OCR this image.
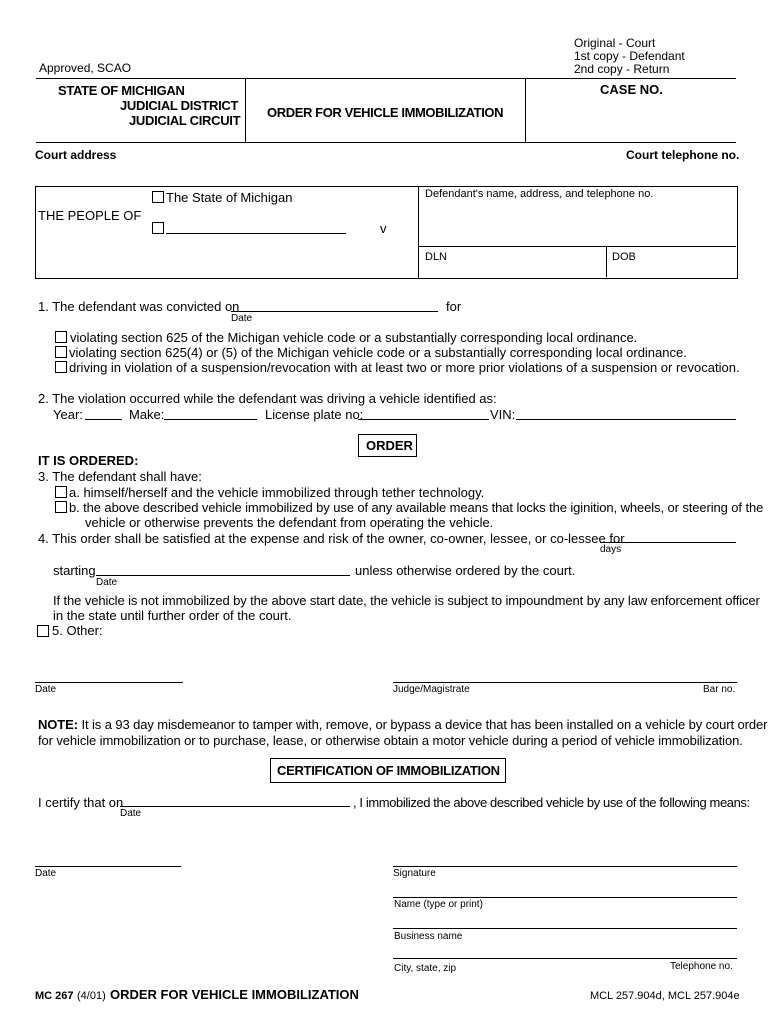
Approved, SCAO
Original - Court
1st copy - Defendant
2nd copy - Return
STATE OF MICHIGAN
JUDICIAL DISTRICT
JUDICIAL CIRCUIT
ORDER FOR VEHICLE IMMOBILIZATION
CASE NO.
Court address	Court telephone no.
The State of Michigan
THE PEOPLE OF
v
Defendant's name, address, and telephone no.
DLN	DOB
1. The defendant was convicted on	for
Date
violating section 625 of the Michigan vehicle code or a substantially corresponding local ordinance.
violating section 625(4) or (5) of the Michigan vehicle code or a substantially corresponding local ordinance.
driving in violation of a suspension/revocation with at least two or more prior violations of a suspension or revocation.
2. The violation occurred while the defendant was driving a vehicle identified as:
Year:	Make:	License plate no:	VIN:
ORDER
IT IS ORDERED:
3. The defendant shall have:
a. himself/herself and the vehicle immobilized through tether technology.
b. the above described vehicle immobilized by use of any available means that locks the iginition, wheels, or steering of the
vehicle or otherwise prevents the defendant from operating the vehicle.
4. This order shall be satisfied at the expense and risk of the owner, co-owner, lessee, or co-lessee for
days
starting	unless otherwise ordered by the court.
Date
If the vehicle is not immobilized by the above start date, the vehicle is subject to impoundment by any law enforcement officer
in the state until further order of the court.
5. Other:
Date	Judge/Magistrate	Bar no.
NOTE: It is a 93 day misdemeanor to tamper with, remove, or bypass a device that has been installed on a vehicle by court order
for vehicle immobilization or to purchase, lease, or otherwise obtain a motor vehicle during a period of vehicle immobilization.
CERTIFICATION OF IMMOBILIZATION
I certify that on	, I immobilized the above described vehicle by use of the following means:
Date
Date	Signature
Name (type or print)
Business name
City, state, zip	Telephone no.
MC 267 (4/01) ORDER FOR VEHICLE IMMOBILIZATION	MCL 257.904d, MCL 257.904e
